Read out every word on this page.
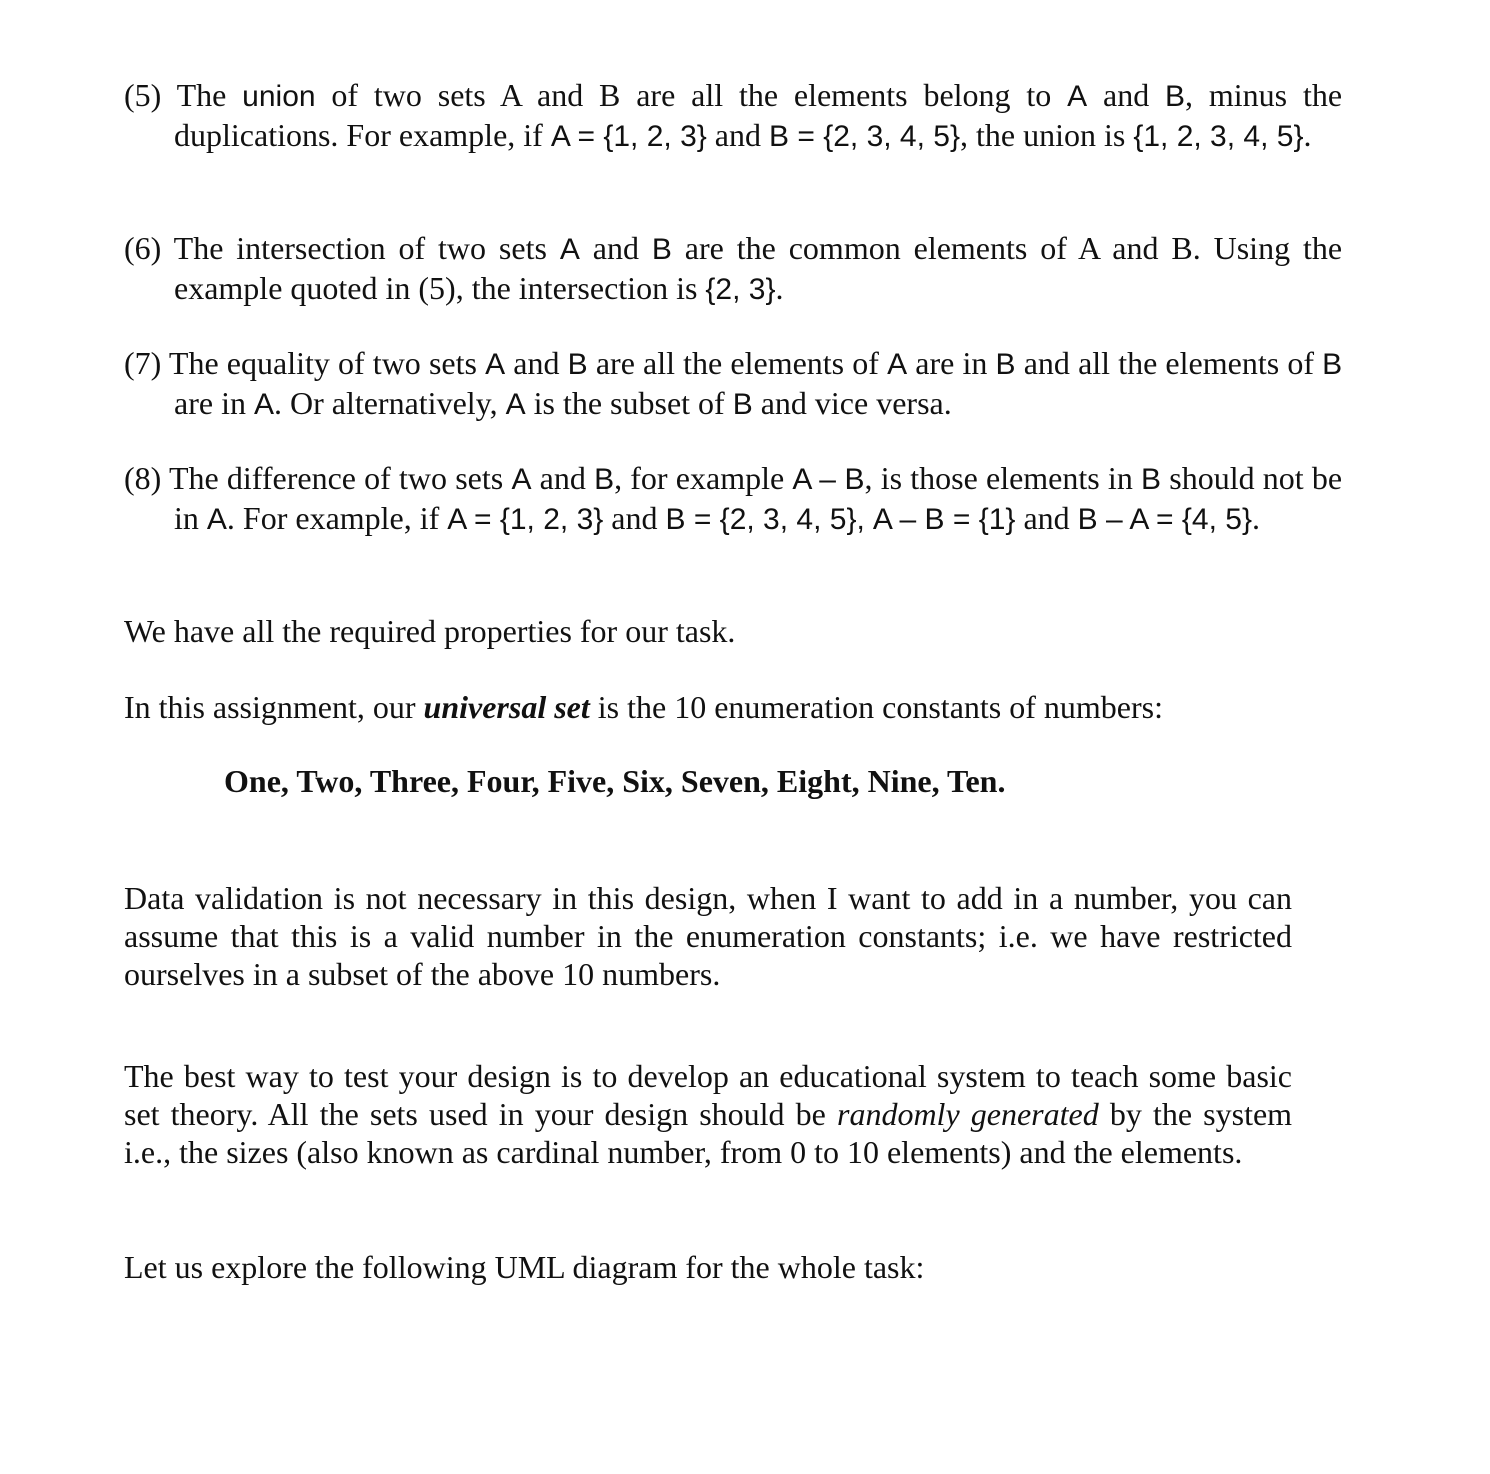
(5) The union of two sets A and B are all the elements belong to A and B, minus the duplications. For example, if A = {1, 2, 3} and B = {2, 3, 4, 5}, the union is {1, 2, 3, 4, 5}.
(6) The intersection of two sets A and B are the common elements of A and B. Using the example quoted in (5), the intersection is {2, 3}.
(7) The equality of two sets A and B are all the elements of A are in B and all the elements of B are in A. Or alternatively, A is the subset of B and vice versa.
(8) The difference of two sets A and B, for example A – B, is those elements in B should not be in A. For example, if A = {1, 2, 3} and B = {2, 3, 4, 5}, A – B = {1} and B – A = {4, 5}.
We have all the required properties for our task.
In this assignment, our universal set is the 10 enumeration constants of numbers:
One, Two, Three, Four, Five, Six, Seven, Eight, Nine, Ten.
Data validation is not necessary in this design, when I want to add in a number, you can assume that this is a valid number in the enumeration constants; i.e. we have restricted ourselves in a subset of the above 10 numbers.
The best way to test your design is to develop an educational system to teach some basic set theory. All the sets used in your design should be randomly generated by the system i.e., the sizes (also known as cardinal number, from 0 to 10 elements) and the elements.
Let us explore the following UML diagram for the whole task:
